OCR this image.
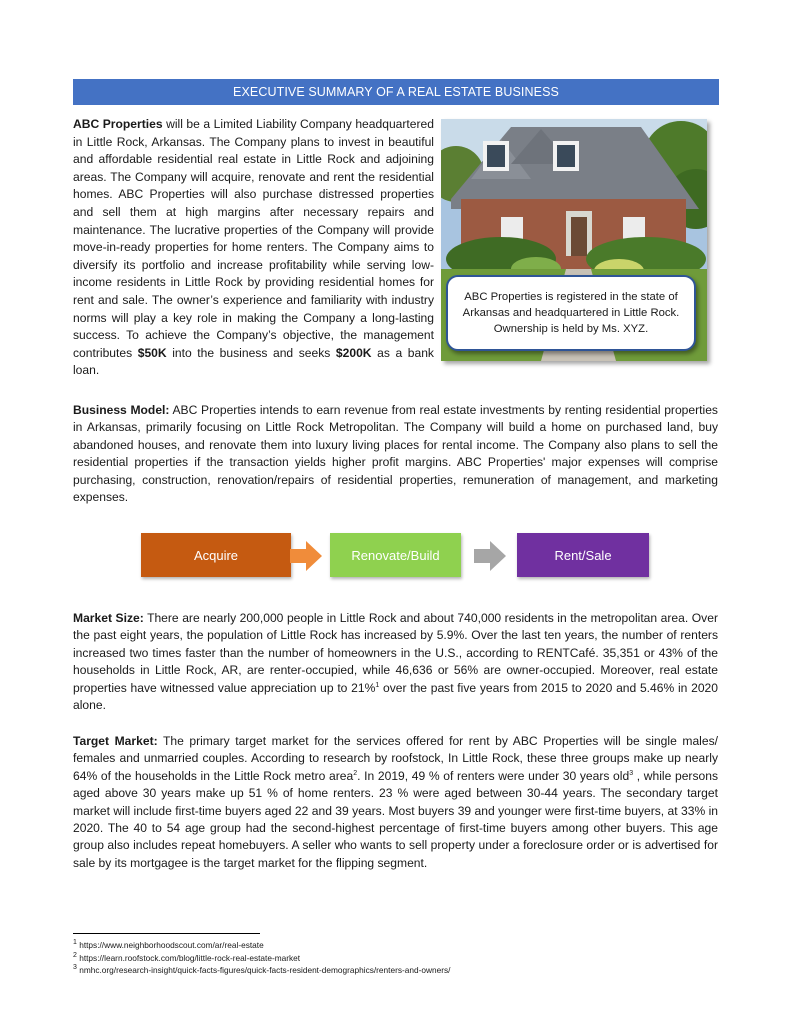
EXECUTIVE SUMMARY OF A REAL ESTATE BUSINESS
ABC Properties will be a Limited Liability Company headquartered in Little Rock, Arkansas. The Company plans to invest in beautiful and affordable residential real estate in Little Rock and adjoining areas. The Company will acquire, renovate and rent the residential homes. ABC Properties will also purchase distressed properties and sell them at high margins after necessary repairs and maintenance. The lucrative properties of the Company will provide move-in-ready properties for home renters. The Company aims to diversify its portfolio and increase profitability while serving low-income residents in Little Rock by providing residential homes for rent and sale. The owner’s experience and familiarity with industry norms will play a key role in making the Company a long-lasting success. To achieve the Company’s objective, the management contributes $50K into the business and seeks $200K as a bank loan.
ABC Properties is registered in the state of Arkansas and headquartered in Little Rock. Ownership is held by Ms. XYZ.
Business Model: ABC Properties intends to earn revenue from real estate investments by renting residential properties in Arkansas, primarily focusing on Little Rock Metropolitan. The Company will build a home on purchased land, buy abandoned houses, and renovate them into luxury living places for rental income. The Company also plans to sell the residential properties if the transaction yields higher profit margins. ABC Properties' major expenses will comprise purchasing, construction, renovation/repairs of residential properties, remuneration of management, and marketing expenses.
Acquire	Renovate/Build	Rent/Sale
Market Size: There are nearly 200,000 people in Little Rock and about 740,000 residents in the metropolitan area. Over the past eight years, the population of Little Rock has increased by 5.9%. Over the last ten years, the number of renters increased two times faster than the number of homeowners in the U.S., according to RENTCafé. 35,351 or 43% of the households in Little Rock, AR, are renter-occupied, while 46,636 or 56% are owner-occupied. Moreover, real estate properties have witnessed value appreciation up to 21%$^1$ over the past five years from 2015 to 2020 and 5.46% in 2020 alone.
Target Market: The primary target market for the services offered for rent by ABC Properties will be single males/ females and unmarried couples. According to research by roofstock, In Little Rock, these three groups make up nearly 64% of the households in the Little Rock metro area$^2$. In 2019, 49 % of renters were under 30 years old$^3$ , while persons aged above 30 years make up 51 % of home renters. 23 % were aged between 30-44 years. The secondary target market will include first-time buyers aged 22 and 39 years. Most buyers 39 and younger were first-time buyers, at 33% in 2020. The 40 to 54 age group had the second-highest percentage of first-time buyers among other buyers. This age group also includes repeat homebuyers. A seller who wants to sell property under a foreclosure order or is advertised for sale by its mortgagee is the target market for the flipping segment.
$^1$ https://www.neighborhoodscout.com/ar/real-estate
$^2$ https://learn.roofstock.com/blog/little-rock-real-estate-market
$^3$ nmhc.org/research-insight/quick-facts-figures/quick-facts-resident-demographics/renters-and-owners/
